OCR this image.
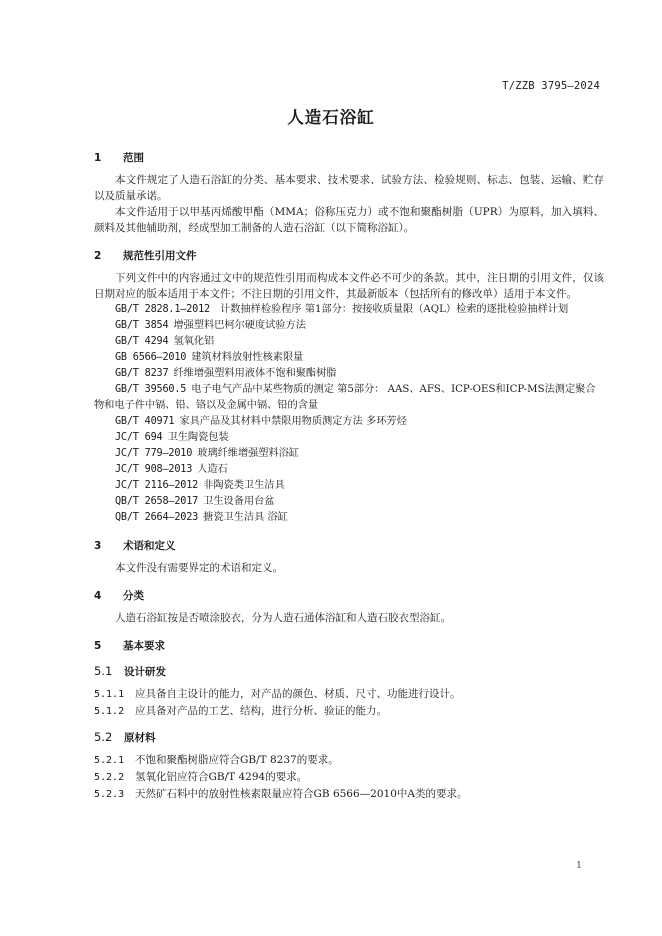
T/ZZB 3795—2024
人造石浴缸
1 范围

本文件规定了人造石浴缸的分类、基本要求、技术要求、试验方法、检验规则、标志、包装、运输、贮存以及质量承诺。

本文件适用于以甲基丙烯酸甲酯（MMA；俗称压克力）或不饱和聚酯树脂（UPR）为原料，加入填料、颜料及其他辅助剂，经成型加工制备的人造石浴缸（以下简称浴缸）。

2 规范性引用文件

下列文件中的内容通过文中的规范性引用而构成本文件必不可少的条款。其中，注日期的引用文件，仅该日期对应的版本适用于本文件；不注日期的引用文件，其最新版本（包括所有的修改单）适用于本文件。

GB/T 2828.1—2012  计数抽样检验程序 第1部分：按接收质量限（AQL）检索的逐批检验抽样计划
GB/T 3854  增强塑料巴柯尔硬度试验方法
GB/T 4294  氢氧化铝
GB 6566—2010  建筑材料放射性核素限量
GB/T 8237  纤维增强塑料用液体不饱和聚酯树脂
GB/T 39560.5  电子电气产品中某些物质的测定 第5部分： AAS、AFS、ICP-OES和ICP-MS法测定聚合物和电子件中镉、铅、铬以及金属中镉、铅的含量
GB/T 40971  家具产品及其材料中禁限用物质测定方法 多环芳烃
JC/T 694  卫生陶瓷包装
JC/T 779—2010  玻璃纤维增强塑料浴缸
JC/T 908—2013  人造石
JC/T 2116—2012  非陶瓷类卫生洁具
QB/T 2658—2017  卫生设备用台盆
QB/T 2664—2023  搪瓷卫生洁具 浴缸
3 术语和定义

本文件没有需要界定的术语和定义。

4 分类

人造石浴缸按是否喷涂胶衣，分为人造石通体浴缸和人造石胶衣型浴缸。

5 基本要求
5.1 设计研发
5.1.1 应具备自主设计的能力，对产品的颜色、材质、尺寸、功能进行设计。
5.1.2 应具备对产品的工艺、结构，进行分析、验证的能力。
5.2 原材料
5.2.1 不饱和聚酯树脂应符合GB/T 8237的要求。
5.2.2 氢氧化铝应符合GB/T 4294的要求。
5.2.3 天然矿石料中的放射性核素限量应符合GB 6566—2010中A类的要求。
1
